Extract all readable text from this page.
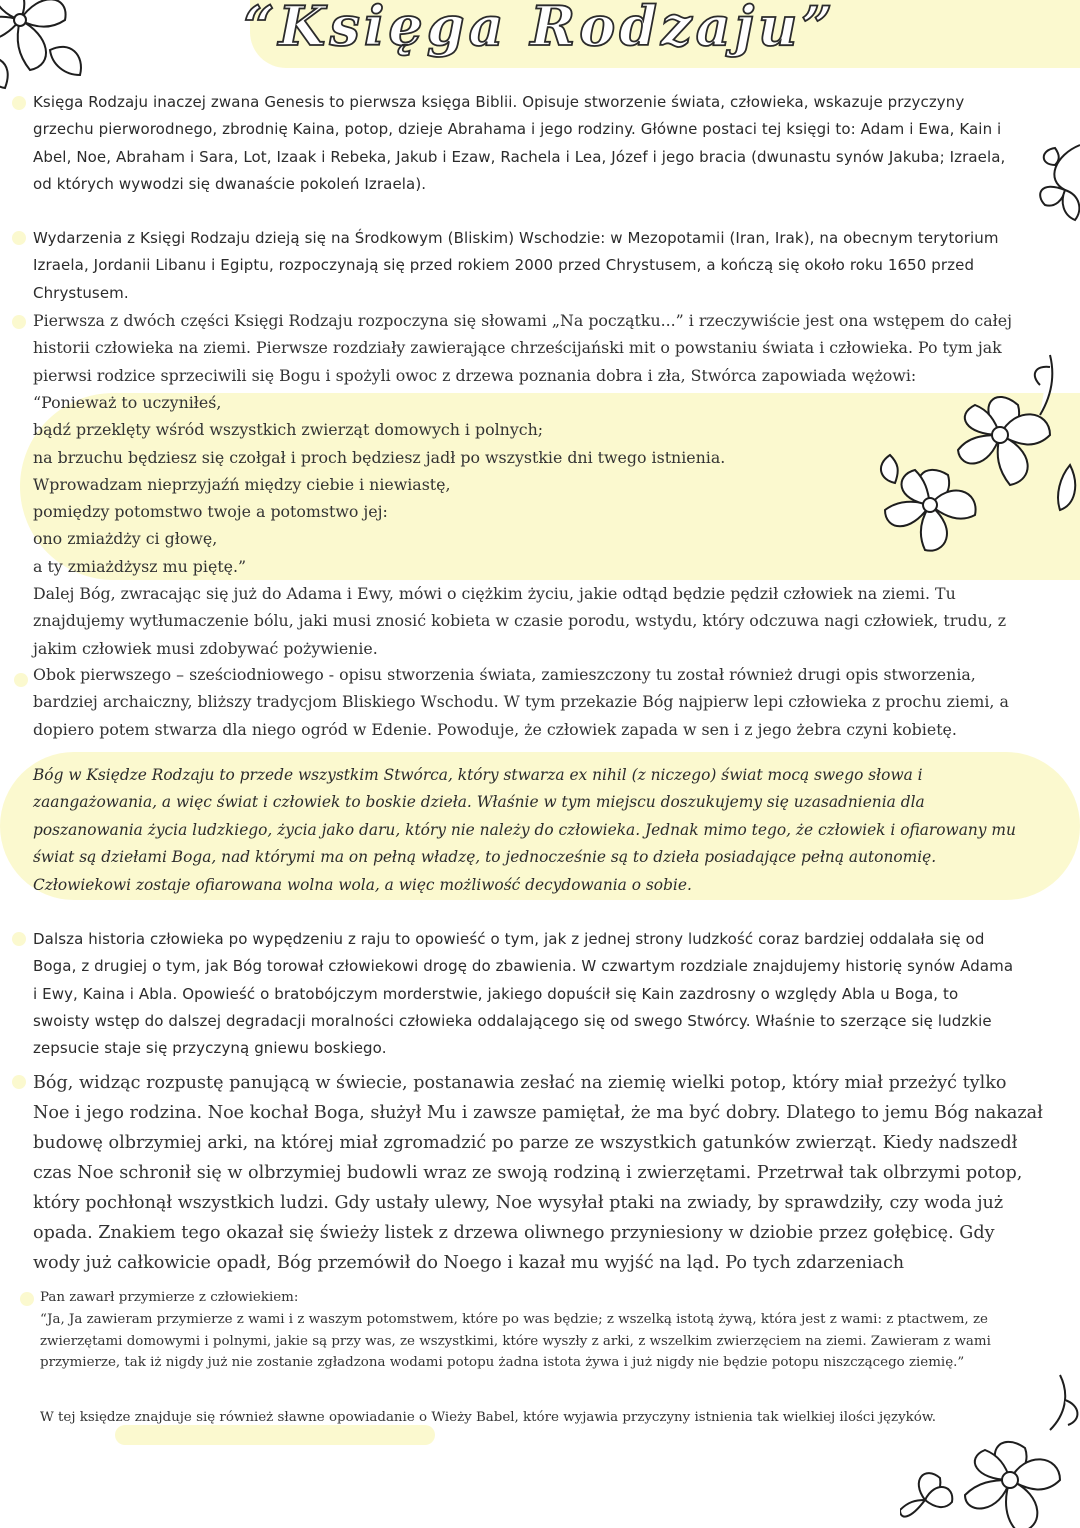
“Księga Rodzaju”

Księga Rodzaju inaczej zwana Genesis to pierwsza księga Biblii. Opisuje stworzenie świata, człowieka, wskazuje przyczyny grzechu pierworodnego, zbrodnię Kaina, potop, dzieje Abrahama i jego rodziny. Główne postaci tej księgi to: Adam i Ewa, Kain i Abel, Noe, Abraham i Sara, Lot, Izaak i Rebeka, Jakub i Ezaw, Rachela i Lea, Józef i jego bracia (dwunastu synów Jakuba; Izraela, od których wywodzi się dwanaście pokoleń Izraela).

Wydarzenia z Księgi Rodzaju dzieją się na Środkowym (Bliskim) Wschodzie: w Mezopotamii (Iran, Irak), na obecnym terytorium Izraela, Jordanii Libanu i Egiptu, rozpoczynają się przed rokiem 2000 przed Chrystusem, a kończą się około roku 1650 przed Chrystusem.

Pierwsza z dwóch części Księgi Rodzaju rozpoczyna się słowami „Na początku...” i rzeczywiście jest ona wstępem do całej historii człowieka na ziemi. Pierwsze rozdziały zawierające chrześcijański mit o powstaniu świata i człowieka. Po tym jak pierwsi rodzice sprzeciwili się Bogu i spożyli owoc z drzewa poznania dobra i zła, Stwórca zapowiada wężowi:

“Ponieważ to uczyniłeś,
bądź przeklęty wśród wszystkich zwierząt domowych i polnych;
na brzuchu będziesz się czołgał i proch będziesz jadł po wszystkie dni twego istnienia.
Wprowadzam nieprzyjaźń między ciebie i niewiastę,
pomiędzy potomstwo twoje a potomstwo jej:
ono zmiażdży ci głowę,
a ty zmiażdżysz mu piętę.”

Dalej Bóg, zwracając się już do Adama i Ewy, mówi o ciężkim życiu, jakie odtąd będzie pędził człowiek na ziemi. Tu znajdujemy wytłumaczenie bólu, jaki musi znosić kobieta w czasie porodu, wstydu, który odczuwa nagi człowiek, trudu, z jakim człowiek musi zdobywać pożywienie.

Obok pierwszego – sześciodniowego - opisu stworzenia świata, zamieszczony tu został również drugi opis stworzenia, bardziej archaiczny, bliższy tradycjom Bliskiego Wschodu. W tym przekazie Bóg najpierw lepi człowieka z prochu ziemi, a dopiero potem stwarza dla niego ogród w Edenie. Powoduje, że człowiek zapada w sen i z jego żebra czyni kobietę.

Bóg w Księdze Rodzaju to przede wszystkim Stwórca, który stwarza ex nihil (z niczego) świat mocą swego słowa i zaangażowania, a więc świat i człowiek to boskie dzieła. Właśnie w tym miejscu doszukujemy się uzasadnienia dla poszanowania życia ludzkiego, życia jako daru, który nie należy do człowieka. Jednak mimo tego, że człowiek i ofiarowany mu świat są dziełami Boga, nad którymi ma on pełną władzę, to jednocześnie są to dzieła posiadające pełną autonomię. Człowiekowi zostaje ofiarowana wolna wola, a więc możliwość decydowania o sobie.

Dalsza historia człowieka po wypędzeniu z raju to opowieść o tym, jak z jednej strony ludzkość coraz bardziej oddalała się od Boga, z drugiej o tym, jak Bóg torował człowiekowi drogę do zbawienia. W czwartym rozdziale znajdujemy historię synów Adama i Ewy, Kaina i Abla. Opowieść o bratobójczym morderstwie, jakiego dopuścił się Kain zazdrosny o względy Abla u Boga, to swoisty wstęp do dalszej degradacji moralności człowieka oddalającego się od swego Stwórcy. Właśnie to szerzące się ludzkie zepsucie staje się przyczyną gniewu boskiego.

Bóg, widząc rozpustę panującą w świecie, postanawia zesłać na ziemię wielki potop, który miał przeżyć tylko Noe i jego rodzina. Noe kochał Boga, służył Mu i zawsze pamiętał, że ma być dobry. Dlatego to jemu Bóg nakazał budowę olbrzymiej arki, na której miał zgromadzić po parze ze wszystkich gatunków zwierząt. Kiedy nadszedł czas Noe schronił się w olbrzymiej budowli wraz ze swoją rodziną i zwierzętami. Przetrwał tak olbrzymi potop, który pochłonął wszystkich ludzi. Gdy ustały ulewy, Noe wysyłał ptaki na zwiady, by sprawdziły, czy woda już opada. Znakiem tego okazał się świeży listek z drzewa oliwnego przyniesiony w dziobie przez gołębicę. Gdy wody już całkowicie opadł, Bóg przemówił do Noego i kazał mu wyjść na ląd. Po tych zdarzeniach

Pan zawarł przymierze z człowiekiem:

“Ja, Ja zawieram przymierze z wami i z waszym potomstwem, które po was będzie; z wszelką istotą żywą, która jest z wami: z ptactwem, ze zwierzętami domowymi i polnymi, jakie są przy was, ze wszystkimi, które wyszły z arki, z wszelkim zwierzęciem na ziemi. Zawieram z wami przymierze, tak iż nigdy już nie zostanie zgładzona wodami potopu żadna istota żywa i już nigdy nie będzie potopu niszczącego ziemię.”

W tej księdze znajduje się również sławne opowiadanie o Wieży Babel, które wyjawia przyczyny istnienia tak wielkiej ilości języków.
